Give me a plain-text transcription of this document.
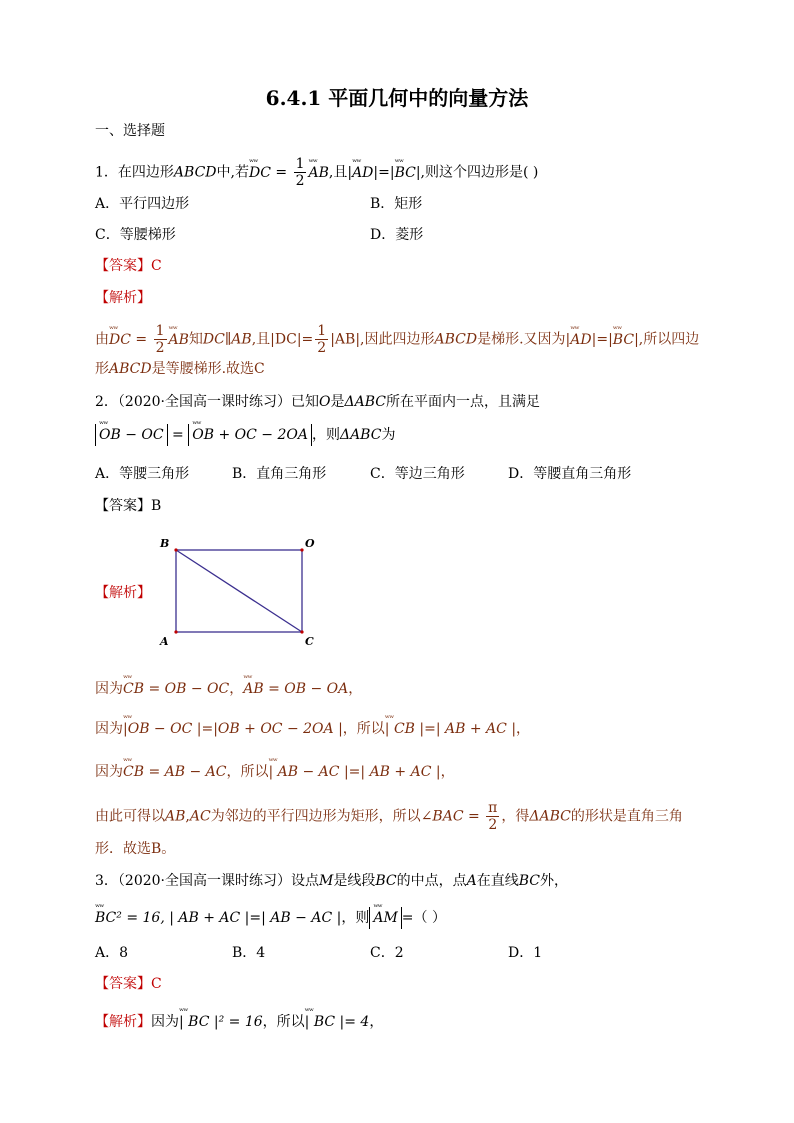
6.4.1 平面几何中的向量方法
一、选择题
1．在四边形ABCD中,若ʷʷ DC = $\frac{1}{2}$ ʷʷ AB,且|ʷʷ AD|=|ʷʷ BC|,则这个四边形是( )
A．平行四边形	B．矩形
C．等腰梯形	D．菱形
【答案】C
【解析】
由ʷʷ DC = $\frac{1}{2}$ ʷʷ AB知DC∥AB,且$|DC|= \frac{1}{2} |AB|$,因此四边形ABCD是梯形.又因为|ʷʷ AD|=|ʷʷ BC|,所以四边
形ABCD是等腰梯形.故选C
2．（2020·全国高一课时练习）已知O是ΔABC所在平面内一点，且满足
ʷʷ OB − OC = ʷʷ OB + OC − 2OA ，则ΔABC为
A．等腰三角形	B．直角三角形	C．等边三角形	D．等腰直角三角形
【答案】B
【解析】
B	O
A	C
因为ʷʷ CB = OB − OC，ʷʷ AB = OB − OA，
因为ʷʷ |OB − OC |=|OB + OC − 2OA |，所以ʷʷ | CB |=| AB + AC |，
因为ʷʷ CB = AB − AC，所以ʷʷ | AB − AC |=| AB + AC |，
由此可得以AB,AC为邻边的平行四边形为矩形，所以∠BAC = $\frac{\pi}{2}$ ，得ΔABC的形状是直角三角
形．故选B。
3．（2020·全国高一课时练习）设点M是线段BC的中点，点A在直线BC外，
ʷʷ BC² = 16, | AB + AC |=| AB − AC |，则 ʷʷ AM =（ ）
A．8	B．4	C．2	D．1
【答案】C
【解析】因为ʷʷ | BC |² = 16，所以ʷʷ | BC |= 4，
